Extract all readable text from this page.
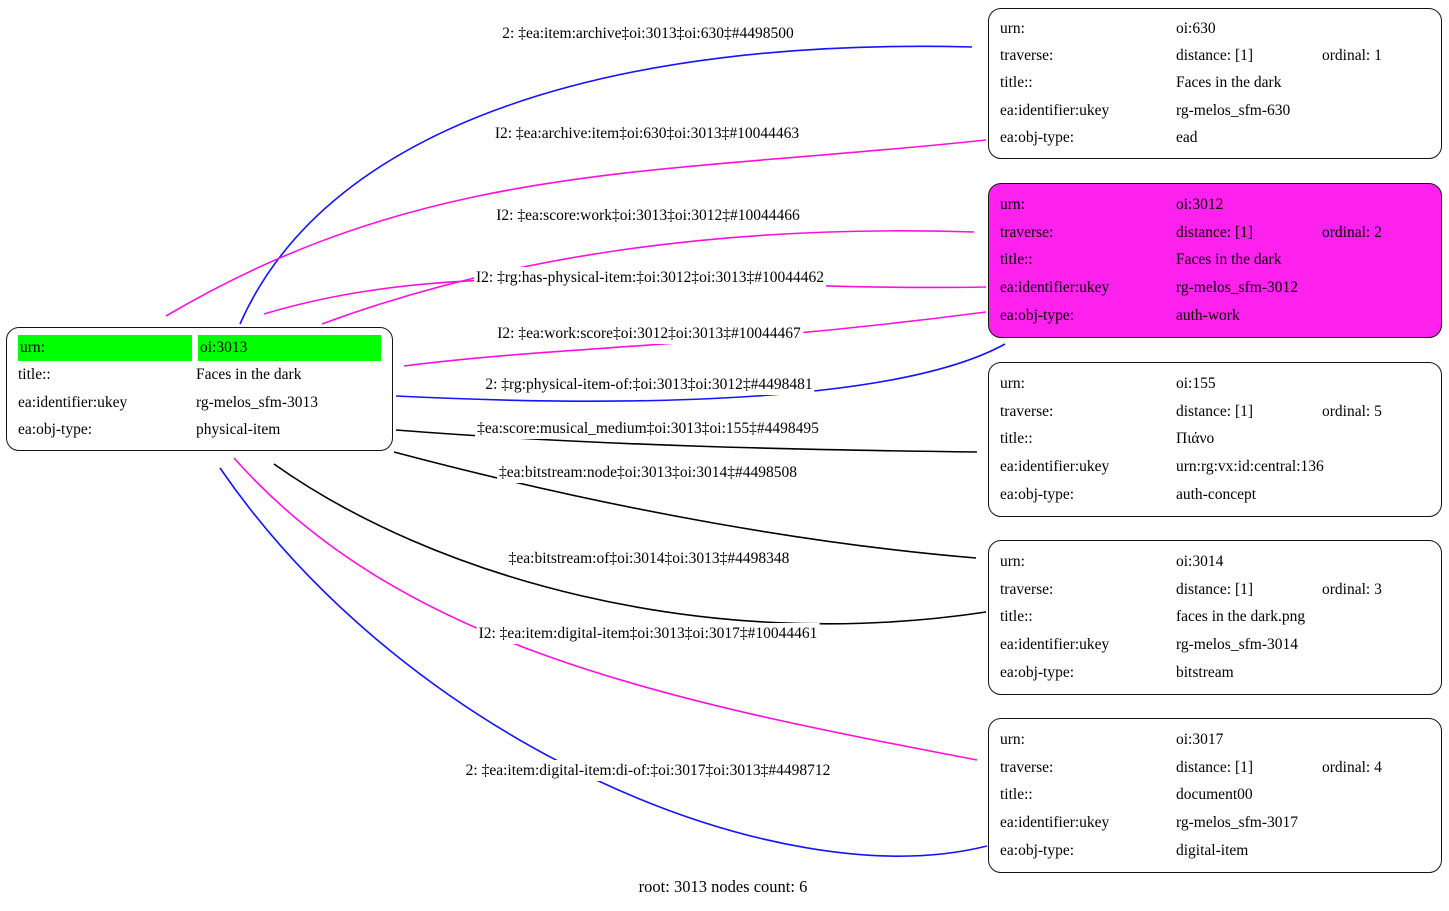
2: ‡ea:item:archive‡oi:3013‡oi:630‡#4498500
I2: ‡ea:archive:item‡oi:630‡oi:3013‡#10044463
I2: ‡ea:score:work‡oi:3013‡oi:3012‡#10044466
I2: ‡rg:has-physical-item:‡oi:3012‡oi:3013‡#10044462
I2: ‡ea:work:score‡oi:3012‡oi:3013‡#10044467
2: ‡rg:physical-item-of:‡oi:3013‡oi:3012‡#4498481
‡ea:score:musical_medium‡oi:3013‡oi:155‡#4498495
‡ea:bitstream:node‡oi:3013‡oi:3014‡#4498508
‡ea:bitstream:of‡oi:3014‡oi:3013‡#4498348
I2: ‡ea:item:digital-item‡oi:3013‡oi:3017‡#10044461
2: ‡ea:item:digital-item:di-of:‡oi:3017‡oi:3013‡#4498712
urn:	oi:3013
title::	Faces in the dark
ea:identifier:ukey	rg-melos_sfm-3013
ea:obj-type:	physical-item
urn:	oi:630
traverse:	distance: [1]	ordinal: 1
title::	Faces in the dark
ea:identifier:ukey	rg-melos_sfm-630
ea:obj-type:	ead
urn:	oi:3012
traverse:	distance: [1]	ordinal: 2
title::	Faces in the dark
ea:identifier:ukey	rg-melos_sfm-3012
ea:obj-type:	auth-work
urn:	oi:155
traverse:	distance: [1]	ordinal: 5
title::	Πιάνο
ea:identifier:ukey	urn:rg:vx:id:central:136
ea:obj-type:	auth-concept
urn:	oi:3014
traverse:	distance: [1]	ordinal: 3
title::	faces in the dark.png
ea:identifier:ukey	rg-melos_sfm-3014
ea:obj-type:	bitstream
urn:	oi:3017
traverse:	distance: [1]	ordinal: 4
title::	document00
ea:identifier:ukey	rg-melos_sfm-3017
ea:obj-type:	digital-item
root: 3013 nodes count: 6
